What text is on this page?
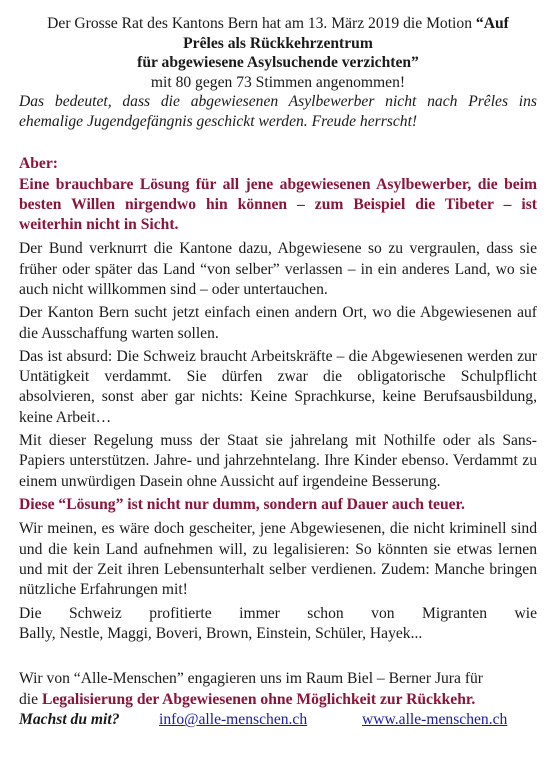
Der Grosse Rat des Kantons Bern hat am 13. März 2019 die Motion “Auf
Prêles als Rückkehrzentrum
für abgewiesene Asylsuchende verzichten”
mit 80 gegen 73 Stimmen angenommen!

Das bedeutet, dass die abgewiesenen Asylbewerber nicht nach Prêles ins ehemalige Jugendgefängnis geschickt werden. Freude herrscht!

Aber:
Eine brauchbare Lösung für all jene abgewiesenen Asylbewerber, die beim besten Willen nirgendwo hin können – zum Beispiel die Tibeter – ist weiterhin nicht in Sicht.

Der Bund verknurrt die Kantone dazu, Abgewiesene so zu vergraulen, dass sie früher oder später das Land “von selber” verlassen – in ein anderes Land, wo sie auch nicht willkommen sind – oder untertauchen.

Der Kanton Bern sucht jetzt einfach einen andern Ort, wo die Abgewiesenen auf die Ausschaffung warten sollen.

Das ist absurd: Die Schweiz braucht Arbeitskräfte – die Abgewiesenen werden zur Untätigkeit verdammt. Sie dürfen zwar die obligatorische Schulpflicht absolvieren, sonst aber gar nichts: Keine Sprachkurse, keine Berufsausbildung, keine Arbeit…

Mit dieser Regelung muss der Staat sie jahrelang mit Nothilfe oder als Sans-Papiers unterstützen. Jahre- und jahrzehntelang. Ihre Kinder ebenso. Verdammt zu einem unwürdigen Dasein ohne Aussicht auf irgendeine Besserung.

Diese “Lösung” ist nicht nur dumm, sondern auf Dauer auch teuer.

Wir meinen, es wäre doch gescheiter, jene Abgewiesenen, die nicht kriminell sind und die kein Land aufnehmen will, zu legalisieren: So könnten sie etwas lernen und mit der Zeit ihren Lebensunterhalt selber verdienen. Zudem: Manche bringen nützliche Erfahrungen mit!

Die Schweiz profitierte immer schon von Migranten wie

Bally, Nestle, Maggi, Boveri, Brown, Einstein, Schüler, Hayek...

Wir von “Alle-Menschen” engagieren uns im Raum Biel – Berner Jura für
die Legalisierung der Abgewiesenen ohne Möglichkeit zur Rückkehr.
Machst du mit?	info@alle-menschen.ch	www.alle-menschen.ch
